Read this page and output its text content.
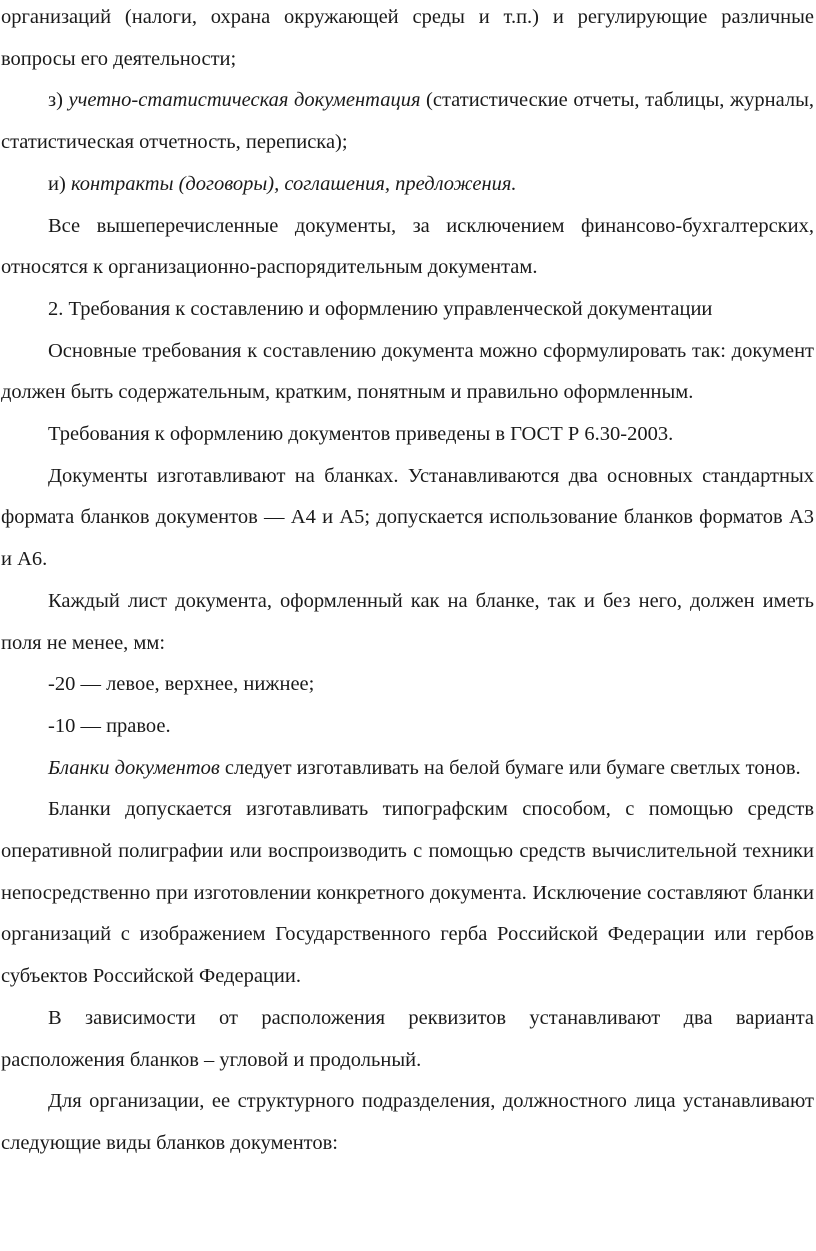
организаций (налоги, охрана окружающей среды и т.п.) и регулирующие различные вопросы его деятельности;

з) учетно-статистическая документация (статистические отчеты, таблицы, журналы, статистическая отчетность, переписка);

и) контракты (договоры), соглашения, предложения.

Все вышеперечисленные документы, за исключением финансово-бухгалтерских, относятся к организационно-распорядительным документам.

2. Требования к составлению и оформлению управленческой документации

Основные требования к составлению документа можно сформулировать так: документ должен быть содержательным, кратким, понятным и правильно оформленным.

Требования к оформлению документов приведены в ГОСТ Р 6.30-2003.

Документы изготавливают на бланках. Устанавливаются два основных стандартных формата бланков документов — А4 и А5; допускается использование бланков форматов А3 и А6.

Каждый лист документа, оформленный как на бланке, так и без него, должен иметь поля не менее, мм:

-20 — левое, верхнее, нижнее;

-10 — правое.

Бланки документов следует изготавливать на белой бумаге или бумаге светлых тонов.

Бланки допускается изготавливать типографским способом, с помощью средств оперативной полиграфии или воспроизводить с помощью средств вычислительной техники непосредственно при изготовлении конкретного документа. Исключение составляют бланки организаций с изображением Государственного герба Российской Федерации или гербов субъектов Российской Федерации.

В зависимости от расположения реквизитов устанавливают два варианта расположения бланков – угловой и продольный.

Для организации, ее структурного подразделения, должностного лица устанавливают следующие виды бланков документов:
